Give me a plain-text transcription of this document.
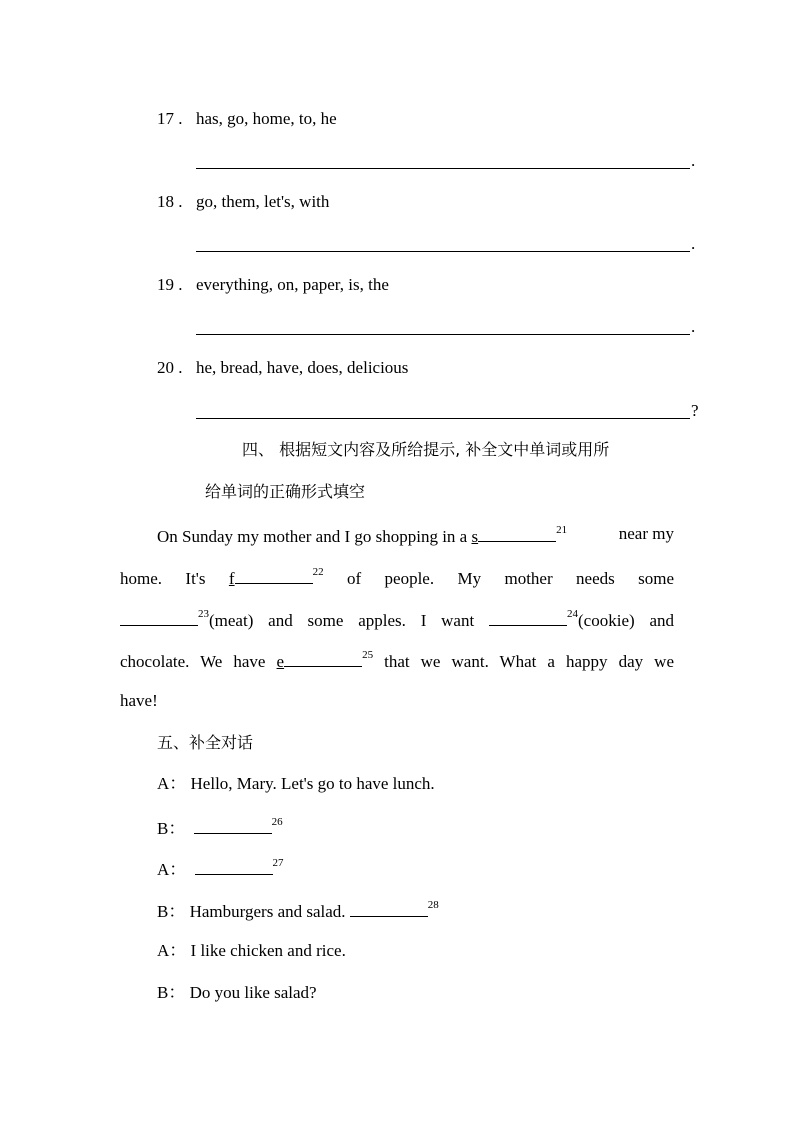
17 . has, go, home, to, he
.
18 . go, them, let's, with
.
19 . everything, on, paper, is, the
.
20 . he, bread, have, does, delicious
?
四、 根据短文内容及所给提示, 补全文中单词或用所
给单词的正确形式填空
On Sunday my mother and I go shopping in a s	$^{21}$	near my
home. It's f	$^{22}$ of people. My mother needs some
$^{23}$(meat) and some apples. I want	$^{24}$(cookie) and
chocolate. We have e	$^{25}$ that we want. What a happy day we
have!
五、补全对话
A： Hello, Mary. Let's go to have lunch.
B：	$^{26}$
A：	$^{27}$
B： Hamburgers and salad.	$^{28}$
A： I like chicken and rice.
B： Do you like salad?
